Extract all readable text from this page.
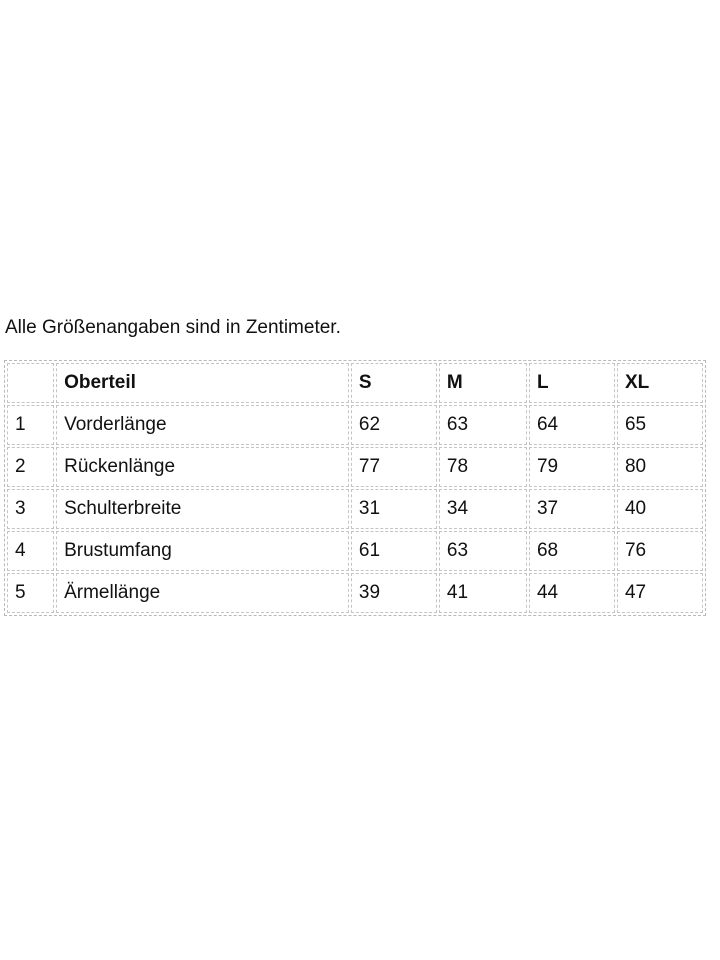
Alle Größenangaben sind in Zentimeter.

	Oberteil	S	M	L	XL
1	Vorderlänge	62	63	64	65
2	Rückenlänge	77	78	79	80
3	Schulterbreite	31	34	37	40
4	Brustumfang	61	63	68	76
5	Ärmellänge	39	41	44	47
